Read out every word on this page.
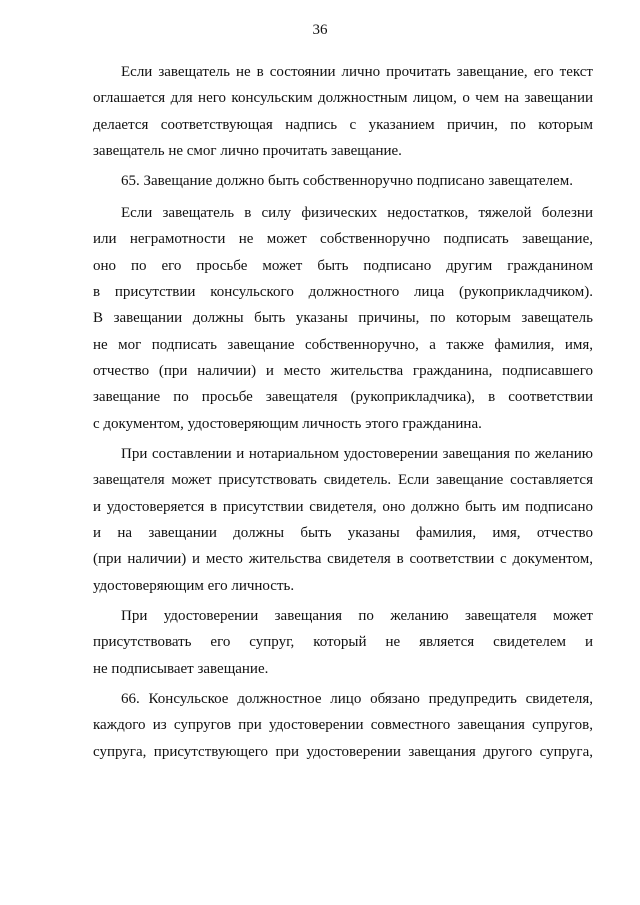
36
Если завещатель не в состоянии лично прочитать завещание, его текст
оглашается для него консульским должностным лицом, о чем на завещании
делается соответствующая надпись с указанием причин, по которым
завещатель не смог лично прочитать завещание.
65. Завещание должно быть собственноручно подписано завещателем.
Если завещатель в силу физических недостатков, тяжелой болезни
или неграмотности не может собственноручно подписать завещание,
оно по его просьбе может быть подписано другим гражданином
в присутствии консульского должностного лица (рукоприкладчиком).
В завещании должны быть указаны причины, по которым завещатель
не мог подписать завещание собственноручно, а также фамилия, имя,
отчество (при наличии) и место жительства гражданина, подписавшего
завещание по просьбе завещателя (рукоприкладчика), в соответствии
с документом, удостоверяющим личность этого гражданина.
При составлении и нотариальном удостоверении завещания по желанию
завещателя может присутствовать свидетель. Если завещание составляется
и удостоверяется в присутствии свидетеля, оно должно быть им подписано
и на завещании должны быть указаны фамилия, имя, отчество
(при наличии) и место жительства свидетеля в соответствии с документом,
удостоверяющим его личность.
При удостоверении завещания по желанию завещателя может
присутствовать его супруг, который не является свидетелем и
не подписывает завещание.
66. Консульское должностное лицо обязано предупредить свидетеля,
каждого из супругов при удостоверении совместного завещания супругов,
супруга, присутствующего при удостоверении завещания другого супруга,
